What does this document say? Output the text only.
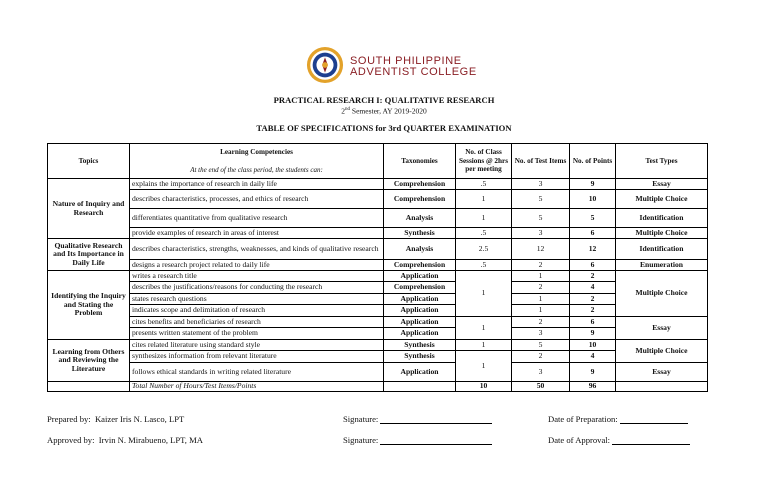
SOUTH PHILIPPINE
ADVENTIST COLLEGE
PRACTICAL RESEARCH I: QUALITATIVE RESEARCH
2nd Semester, AY 2019-2020
TABLE OF SPECIFICATIONS for 3rd QUARTER EXAMINATION
Topics	Learning Competencies
At the end of the class period, the students can:	Taxonomies	No. of Class Sessions @ 2hrs per meeting	No. of Test Items	No. of Points	Test Types
Nature of Inquiry and Research	explains the importance of research in daily life	Comprehension	.5	3	9	Essay
	describes characteristics, processes, and ethics of research	Comprehension	1	5	10	Multiple Choice
	differentiates quantitative from qualitative research	Analysis	1	5	5	Identification
	provide examples of research in areas of interest	Synthesis	.5	3	6	Multiple Choice
Qualitative Research and Its Importance in Daily Life	describes characteristics, strengths, weaknesses, and kinds of qualitative research	Analysis	2.5	12	12	Identification
	designs a research project related to daily life	Comprehension	.5	2	6	Enumeration
Identifying the Inquiry and Stating the Problem	writes a research title	Application	1	1	2	Multiple Choice
	describes the justifications/reasons for conducting the research	Comprehension		2	4	
	states research questions	Application		1	2	
	indicates scope and delimitation of research	Application		1	2	
	cites benefits and beneficiaries of research	Application	1	2	6	Essay
	presents written statement of the problem	Application		3	9	
Learning from Others and Reviewing the Literature	cites related literature using standard style	Synthesis	1	5	10	Multiple Choice
	synthesizes information from relevant literature	Synthesis	1	2	4	
	follows ethical standards in writing related literature	Application		3	9	Essay
	Total Number of Hours/Test Items/Points		10	50	96	
Prepared by: Kaizer Iris N. Lasco, LPT	Signature:	Date of Preparation:
Approved by: Irvin N. Mirabueno, LPT, MA	Signature:	Date of Approval:
